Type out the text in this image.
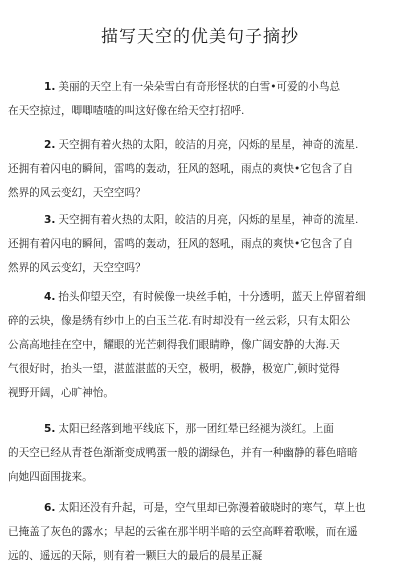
描写天空的优美句子摘抄
1. 美丽的天空上有一朵朵雪白有奇形怪状的白雪•可爱的小鸟总
在天空掠过，唧唧喳喳的叫这好像在给天空打招呼.
2. 天空拥有着火热的太阳，皎洁的月亮，闪烁的星星，神奇的流星.
还拥有着闪电的瞬间，雷鸣的轰动，狂风的怒吼，雨点的爽快•它包含了自
然界的风云变幻，天空空吗？
3. 天空拥有着火热的太阳，皎洁的月亮，闪烁的星星，神奇的流星.
还拥有着闪电的瞬间，雷鸣的轰动，狂风的怒吼，雨点的爽快•它包含了自
然界的风云变幻，天空空吗？
4. 抬头仰望天空，有时候像一块丝手帕，十分透明，蓝天上停留着细
碎的云块，像是绣有纱巾上的白玉兰花.有时却没有一丝云彩，只有太阳公
公高高地挂在空中，耀眼的光芒刺得我们眼睛睁，像广阔安静的大海.天
气很好时，抬头一望，湛蓝湛蓝的天空，极明，极静，极宽广,顿时觉得
视野开阔，心旷神怡。
5. 太阳已经落到地平线底下，那一团红晕已经褪为淡红。上面
的天空已经从青苍色渐渐变成鸭蛋一般的湖绿色，并有一种幽静的暮色暗暗
向她四面围拢来。
6. 太阳还没有升起，可是，空气里却已弥漫着破晓时的寒气，草上也
已掩盖了灰色的露水；早起的云雀在那半明半暗的云空高畔着歌喉，而在遥
远的、遥远的天际，则有着一颗巨大的最后的晨星正凝
